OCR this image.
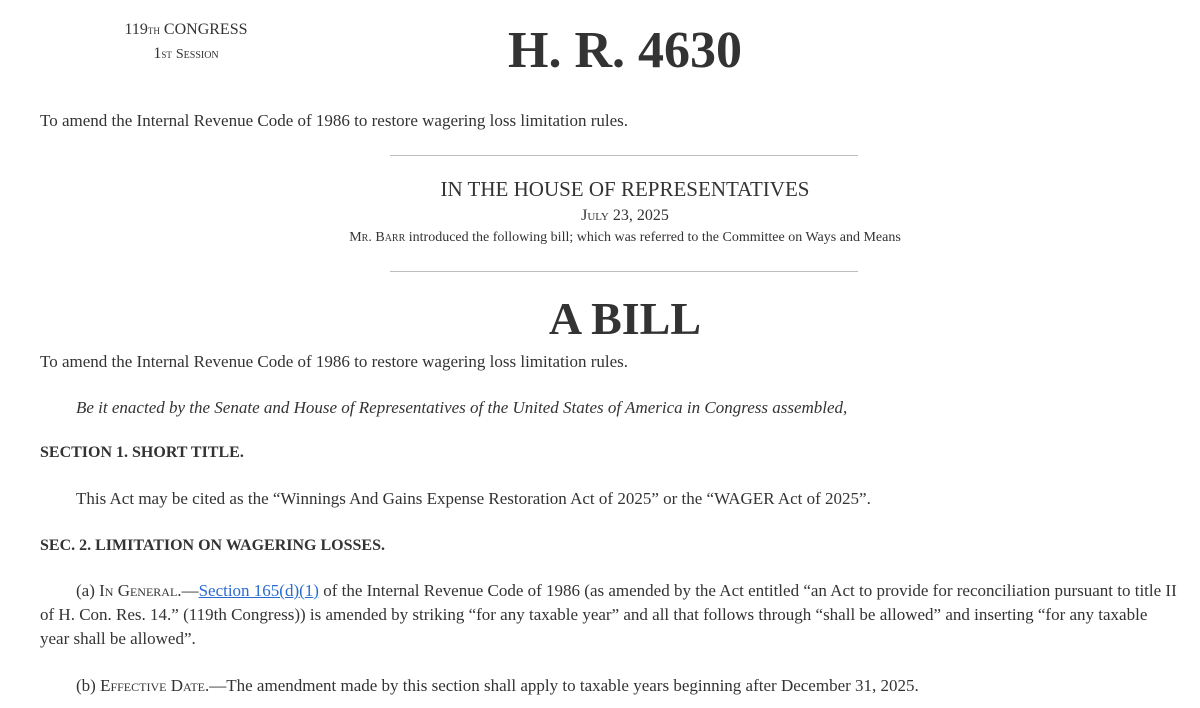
119th CONGRESS
1st Session	H. R. 4630
To amend the Internal Revenue Code of 1986 to restore wagering loss limitation rules.
IN THE HOUSE OF REPRESENTATIVES
July 23, 2025
Mr. Barr introduced the following bill; which was referred to the Committee on Ways and Means
A BILL
To amend the Internal Revenue Code of 1986 to restore wagering loss limitation rules.
Be it enacted by the Senate and House of Representatives of the United States of America in Congress assembled,
SECTION 1. SHORT TITLE.
This Act may be cited as the “Winnings And Gains Expense Restoration Act of 2025” or the “WAGER Act of 2025”.
SEC. 2. LIMITATION ON WAGERING LOSSES.
(a) In General.—Section 165(d)(1) of the Internal Revenue Code of 1986 (as amended by the Act entitled “an Act to provide for reconciliation pursuant to title II of H. Con. Res. 14.” (119th Congress)) is amended by striking “for any taxable year” and all that follows through “shall be allowed” and inserting “for any taxable year shall be allowed”.
(b) Effective Date.—The amendment made by this section shall apply to taxable years beginning after December 31, 2025.
